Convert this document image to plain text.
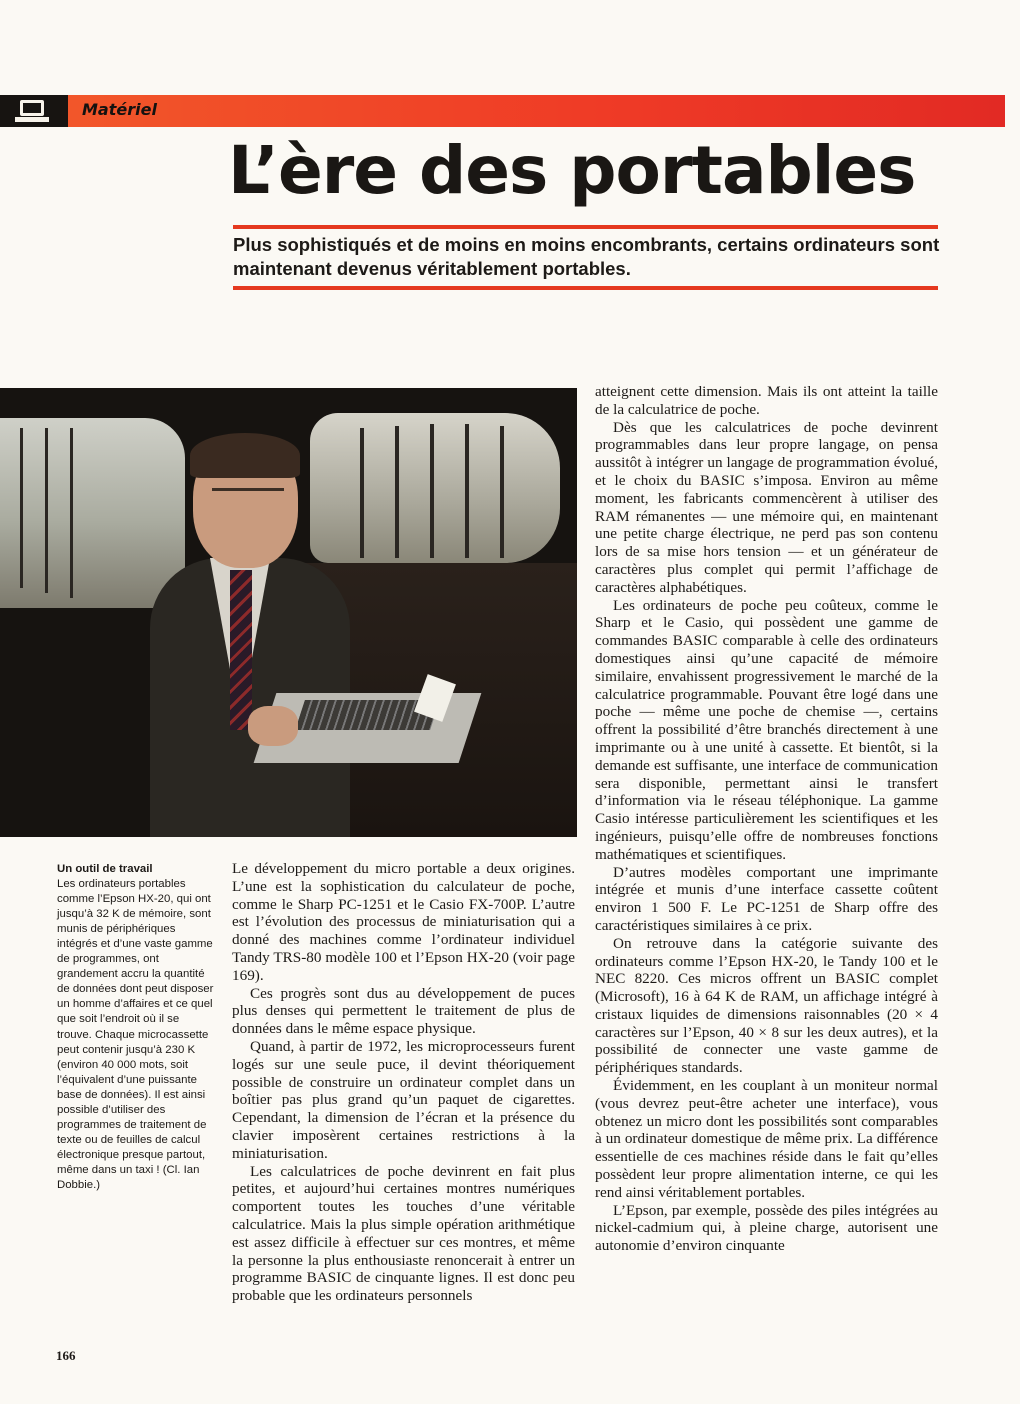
Matériel
L’ère des portables

Plus sophistiqués et de moins en moins encombrants, certains ordinateurs sont maintenant devenus véritablement portables.

Un outil de travail
Les ordinateurs portables comme l’Epson HX-20, qui ont jusqu’à 32 K de mémoire, sont munis de périphériques intégrés et d’une vaste gamme de programmes, ont grandement accru la quantité de données dont peut disposer un homme d’affaires et ce quel que soit l’endroit où il se trouve. Chaque microcassette peut contenir jusqu’à 230 K (environ 40 000 mots, soit l’équivalent d’une puissante base de données). Il est ainsi possible d’utiliser des programmes de traitement de texte ou de feuilles de calcul électronique presque partout, même dans un taxi ! (Cl. Ian Dobbie.)

Le développement du micro portable a deux origines. L’une est la sophistication du calculateur de poche, comme le Sharp PC-1251 et le Casio FX-700P. L’autre est l’évolution des processus de miniaturisation qui a donné des machines comme l’ordinateur individuel Tandy TRS-80 modèle 100 et l’Epson HX-20 (voir page 169).

Ces progrès sont dus au développement de puces plus denses qui permettent le traitement de plus de données dans le même espace physique.

Quand, à partir de 1972, les microprocesseurs furent logés sur une seule puce, il devint théoriquement possible de construire un ordinateur complet dans un boîtier pas plus grand qu’un paquet de cigarettes. Cependant, la dimension de l’écran et la présence du clavier imposèrent certaines restrictions à la miniaturisation.

Les calculatrices de poche devinrent en fait plus petites, et aujourd’hui certaines montres numériques comportent toutes les touches d’une véritable calculatrice. Mais la plus simple opération arithmétique est assez difficile à effectuer sur ces montres, et même la personne la plus enthousiaste renoncerait à entrer un programme BASIC de cinquante lignes. Il est donc peu probable que les ordinateurs personnels

atteignent cette dimension. Mais ils ont atteint la taille de la calculatrice de poche.

Dès que les calculatrices de poche devinrent programmables dans leur propre langage, on pensa aussitôt à intégrer un langage de programmation évolué, et le choix du BASIC s’imposa. Environ au même moment, les fabricants commencèrent à utiliser des RAM rémanentes — une mémoire qui, en maintenant une petite charge électrique, ne perd pas son contenu lors de sa mise hors tension — et un générateur de caractères plus complet qui permit l’affichage de caractères alphabétiques.

Les ordinateurs de poche peu coûteux, comme le Sharp et le Casio, qui possèdent une gamme de commandes BASIC comparable à celle des ordinateurs domestiques ainsi qu’une capacité de mémoire similaire, envahissent progressivement le marché de la calculatrice programmable. Pouvant être logé dans une poche — même une poche de chemise —, certains offrent la possibilité d’être branchés directement à une imprimante ou à une unité à cassette. Et bientôt, si la demande est suffisante, une interface de communication sera disponible, permettant ainsi le transfert d’information via le réseau téléphonique. La gamme Casio intéresse particulièrement les scientifiques et les ingénieurs, puisqu’elle offre de nombreuses fonctions mathématiques et scientifiques.

D’autres modèles comportant une imprimante intégrée et munis d’une interface cassette coûtent environ 1 500 F. Le PC-1251 de Sharp offre des caractéristiques similaires à ce prix.

On retrouve dans la catégorie suivante des ordinateurs comme l’Epson HX-20, le Tandy 100 et le NEC 8220. Ces micros offrent un BASIC complet (Microsoft), 16 à 64 K de RAM, un affichage intégré à cristaux liquides de dimensions raisonnables (20 × 4 caractères sur l’Epson, 40 × 8 sur les deux autres), et la possibilité de connecter une vaste gamme de périphériques standards.

Évidemment, en les couplant à un moniteur normal (vous devrez peut-être acheter une interface), vous obtenez un micro dont les possibilités sont comparables à un ordinateur domestique de même prix. La différence essentielle de ces machines réside dans le fait qu’elles possèdent leur propre alimentation interne, ce qui les rend ainsi véritablement portables.

L’Epson, par exemple, possède des piles intégrées au nickel-cadmium qui, à pleine charge, autorisent une autonomie d’environ cinquante

166
